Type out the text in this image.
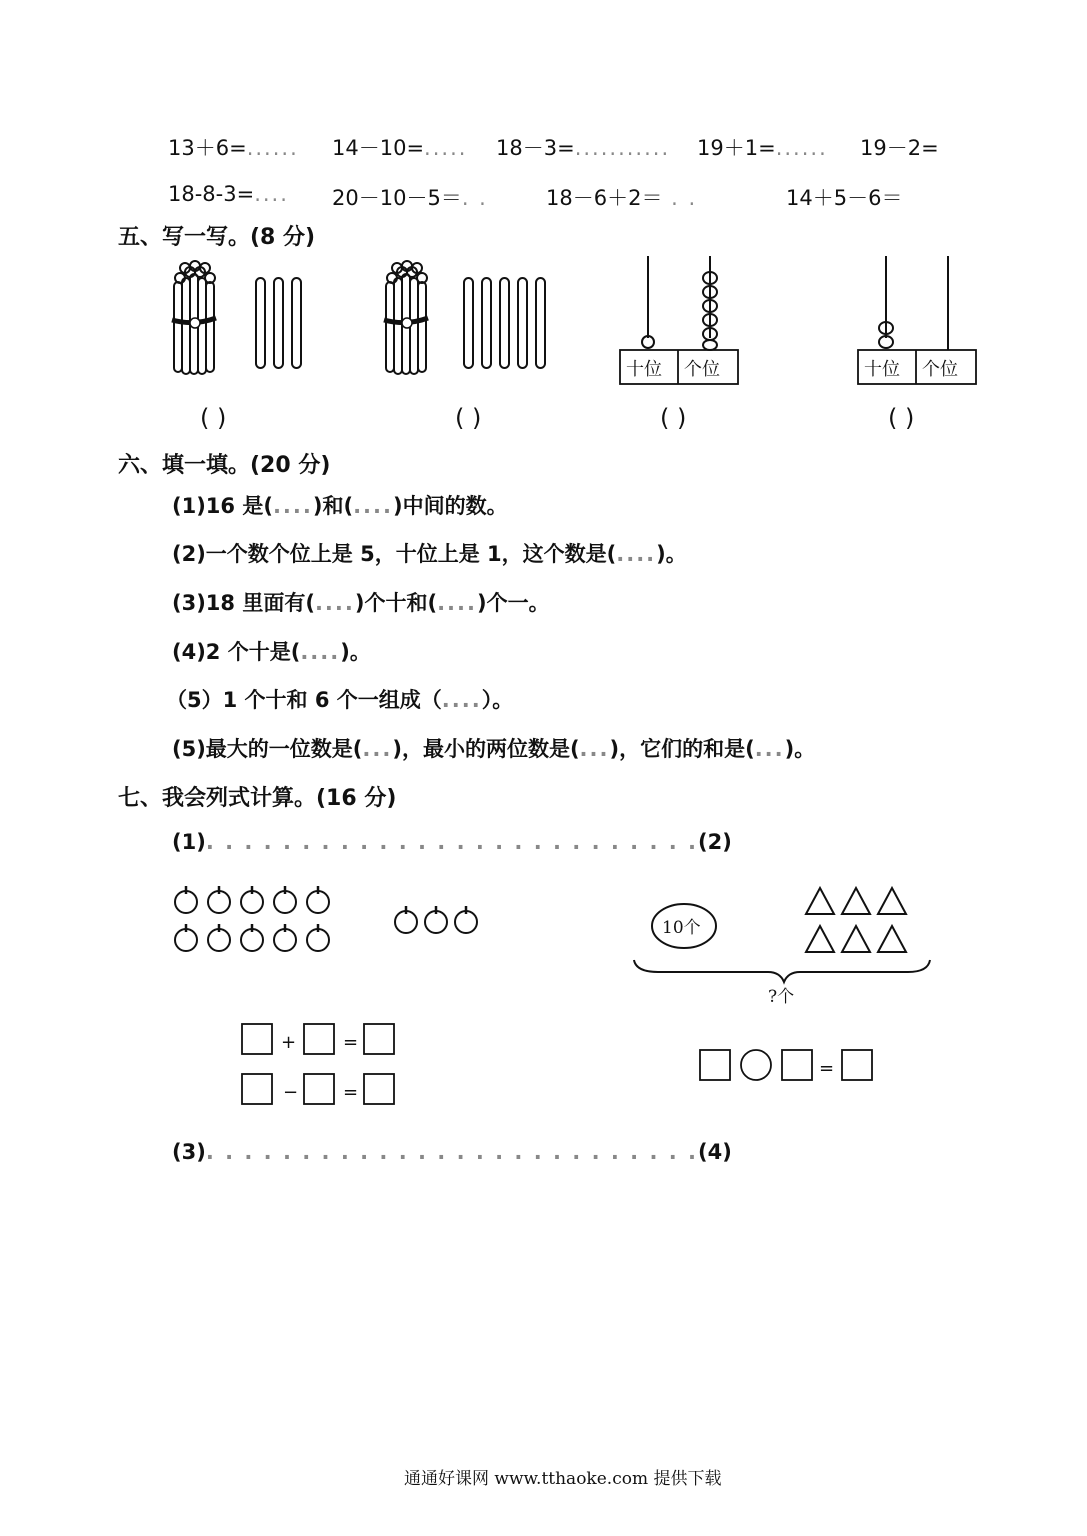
13＋6=...... 14－10=..... 18－3=........... 19＋1=...... 19－2=
18-8-3=.... 20－10－5＝. .	18－6＋2＝ . .	14＋5－6＝
五、写一写。(8 分)
十位 个位	十位 个位
( )	( )	( )	( )
六、填一填。(20 分)
(1)16 是(....)和(....)中间的数。
(2)一个数个位上是 5，十位上是 1，这个数是(....)。
(3)18 里面有(....)个十和(....)个一。
(4)2 个十是(....)。
（5）1 个十和 6 个一组成（....）。
(5)最大的一位数是(...)，最小的两位数是(...)，它们的和是(...)。
七、我会列式计算。(16 分)
(1). . . . . . . . . . . . . . . . . . . . . . . . . .(2)
10个
?个
+	=
− =
=
(3). . . . . . . . . . . . . . . . . . . . . . . . . .(4)
通通好课网 www.tthaoke.com 提供下载
